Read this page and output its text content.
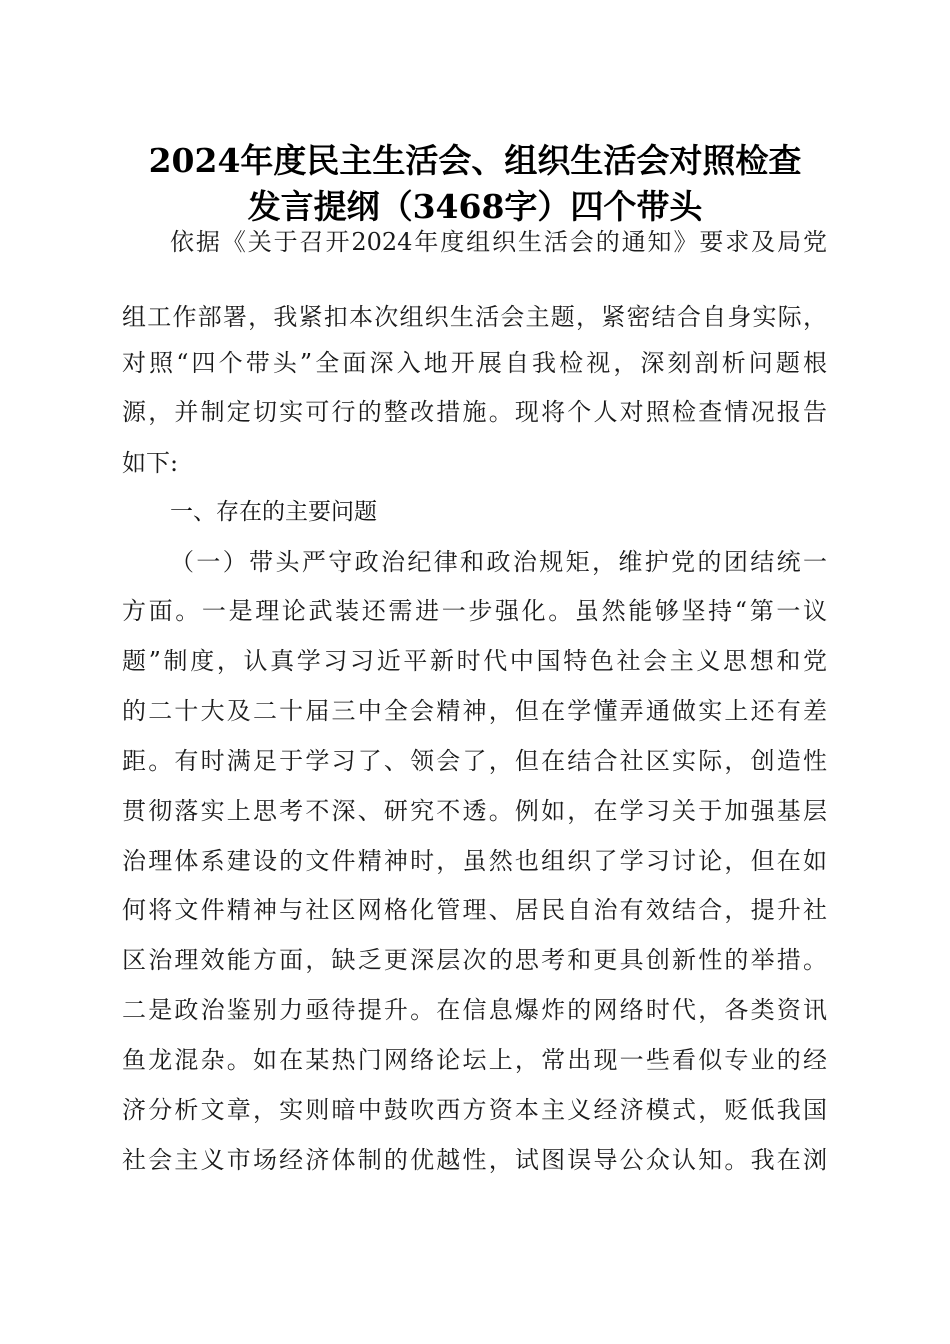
2024年度民主生活会、组织生活会对照检查
发言提纲（3468字）四个带头
依据《关于召开2024年度组织生活会的通知》要求及局党
组工作部署，我紧扣本次组织生活会主题，紧密结合自身实际，
对照“四个带头”全面深入地开展自我检视，深刻剖析问题根
源，并制定切实可行的整改措施。现将个人对照检查情况报告
如下:
一、存在的主要问题
（一）带头严守政治纪律和政治规矩，维护党的团结统一
方面。一是理论武装还需进一步强化。虽然能够坚持“第一议
题”制度，认真学习习近平新时代中国特色社会主义思想和党
的二十大及二十届三中全会精神，但在学懂弄通做实上还有差
距。有时满足于学习了、领会了，但在结合社区实际，创造性
贯彻落实上思考不深、研究不透。例如，在学习关于加强基层
治理体系建设的文件精神时，虽然也组织了学习讨论，但在如
何将文件精神与社区网格化管理、居民自治有效结合，提升社
区治理效能方面，缺乏更深层次的思考和更具创新性的举措。
二是政治鉴别力亟待提升。在信息爆炸的网络时代，各类资讯
鱼龙混杂。如在某热门网络论坛上，常出现一些看似专业的经
济分析文章，实则暗中鼓吹西方资本主义经济模式，贬低我国
社会主义市场经济体制的优越性，试图误导公众认知。我在浏
